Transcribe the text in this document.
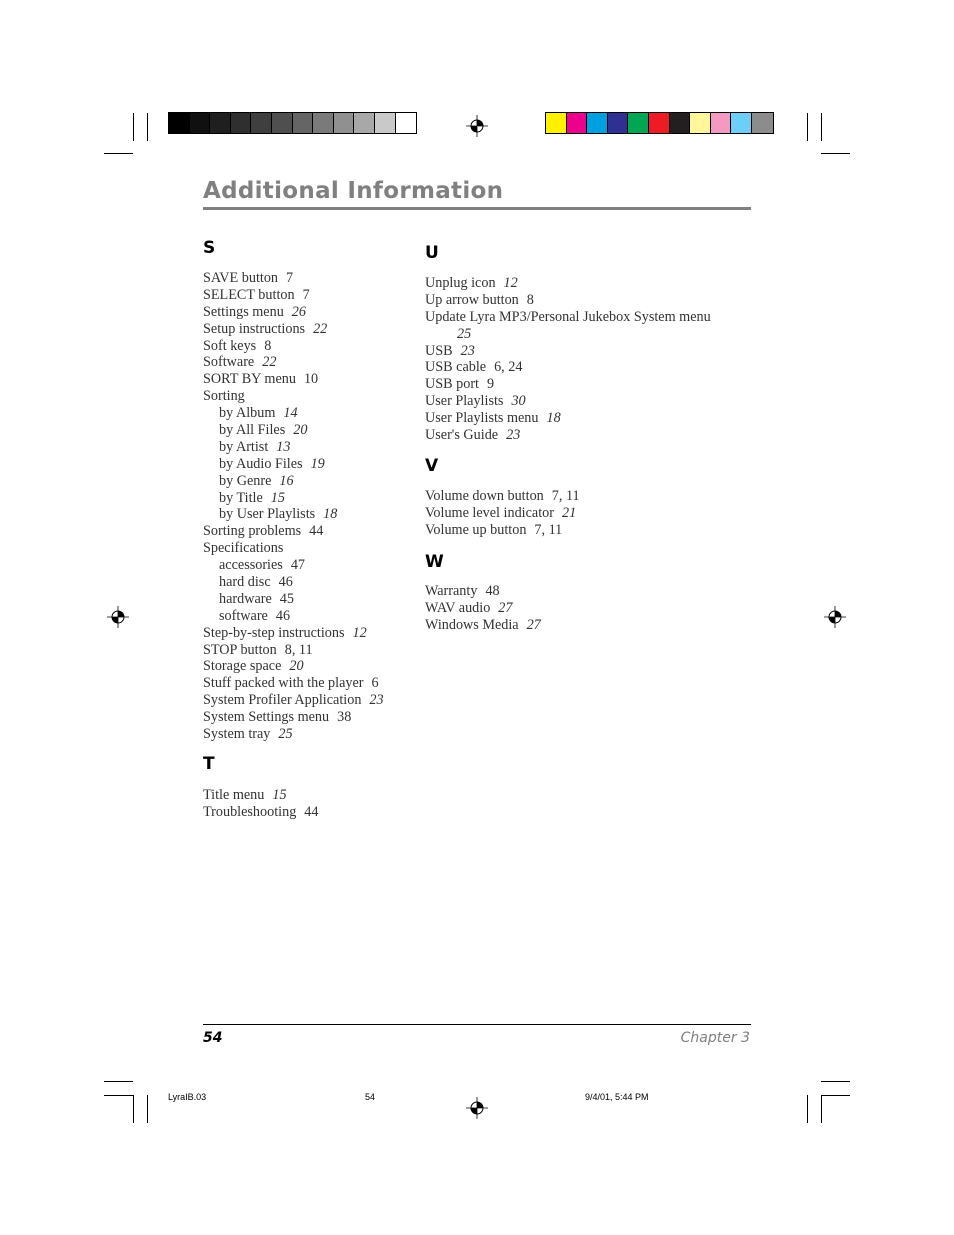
Additional Information
S
SAVE button 7
SELECT button 7
Settings menu 26
Setup instructions 22
Soft keys 8
Software 22
SORT BY menu 10
Sorting
by Album 14
by All Files 20
by Artist 13
by Audio Files 19
by Genre 16
by Title 15
by User Playlists 18
Sorting problems 44
Specifications
accessories 47
hard disc 46
hardware 45
software 46
Step-by-step instructions 12
STOP button 8, 11
Storage space 20
Stuff packed with the player 6
System Profiler Application 23
System Settings menu 38
System tray 25
T
Title menu 15
Troubleshooting 44
U
Unplug icon 12
Up arrow button 8
Update Lyra MP3/Personal Jukebox System menu
25
USB 23
USB cable 6, 24
USB port 9
User Playlists 30
User Playlists menu 18
User's Guide 23
V
Volume down button 7, 11
Volume level indicator 21
Volume up button 7, 11
W
Warranty 48
WAV audio 27
Windows Media 27
54	Chapter 3
LyraIB.03	54	9/4/01, 5:44 PM
